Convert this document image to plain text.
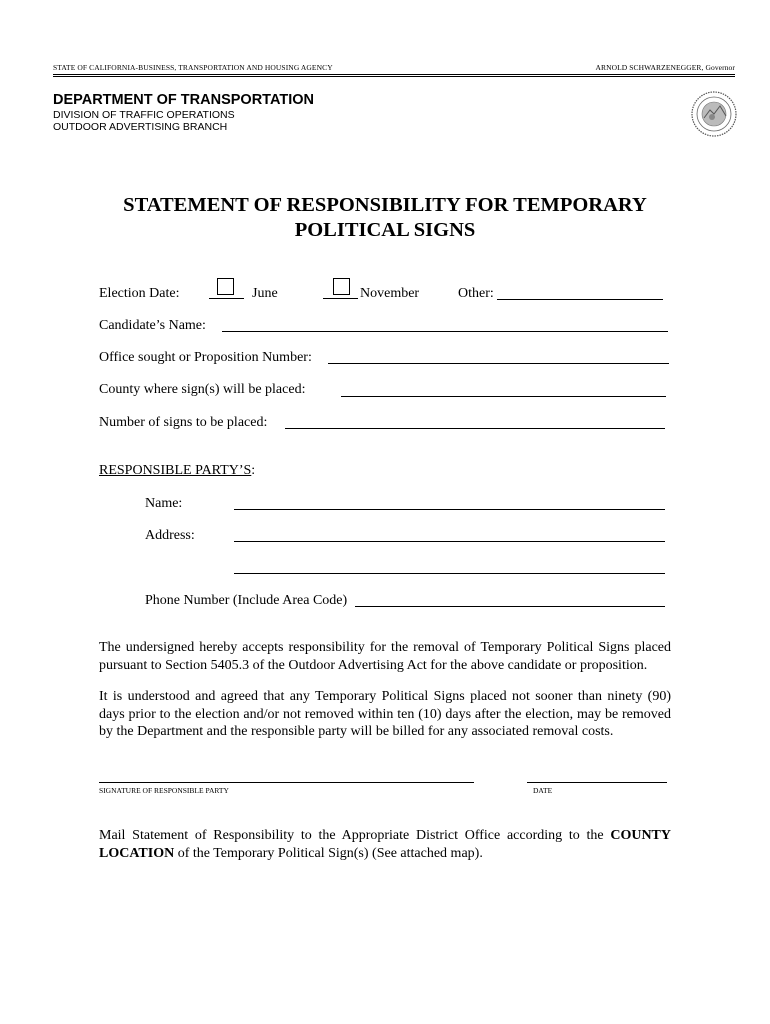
STATE OF CALIFORNIA-BUSINESS, TRANSPORTATION AND HOUSING AGENCY	ARNOLD SCHWARZENEGGER, Governor
DEPARTMENT OF TRANSPORTATION
DIVISION OF TRAFFIC OPERATIONS
OUTDOOR ADVERTISING BRANCH
STATEMENT OF RESPONSIBILITY FOR TEMPORARY
POLITICAL SIGNS
Election Date:	June	November	Other:
Candidate’s Name:
Office sought or Proposition Number:
County where sign(s) will be placed:
Number of signs to be placed:
RESPONSIBLE PARTY’S:
Name:
Address:
Phone Number (Include Area Code)
The undersigned hereby accepts responsibility for the removal of Temporary Political Signs placed pursuant to Section 5405.3 of the Outdoor Advertising Act for the above candidate or proposition.
It is understood and agreed that any Temporary Political Signs placed not sooner than ninety (90) days prior to the election and/or not removed within ten (10) days after the election, may be removed by the Department and the responsible party will be billed for any associated removal costs.
SIGNATURE OF RESPONSIBLE PARTY	DATE
Mail Statement of Responsibility to the Appropriate District Office according to the COUNTY LOCATION of the Temporary Political Sign(s) (See attached map).
